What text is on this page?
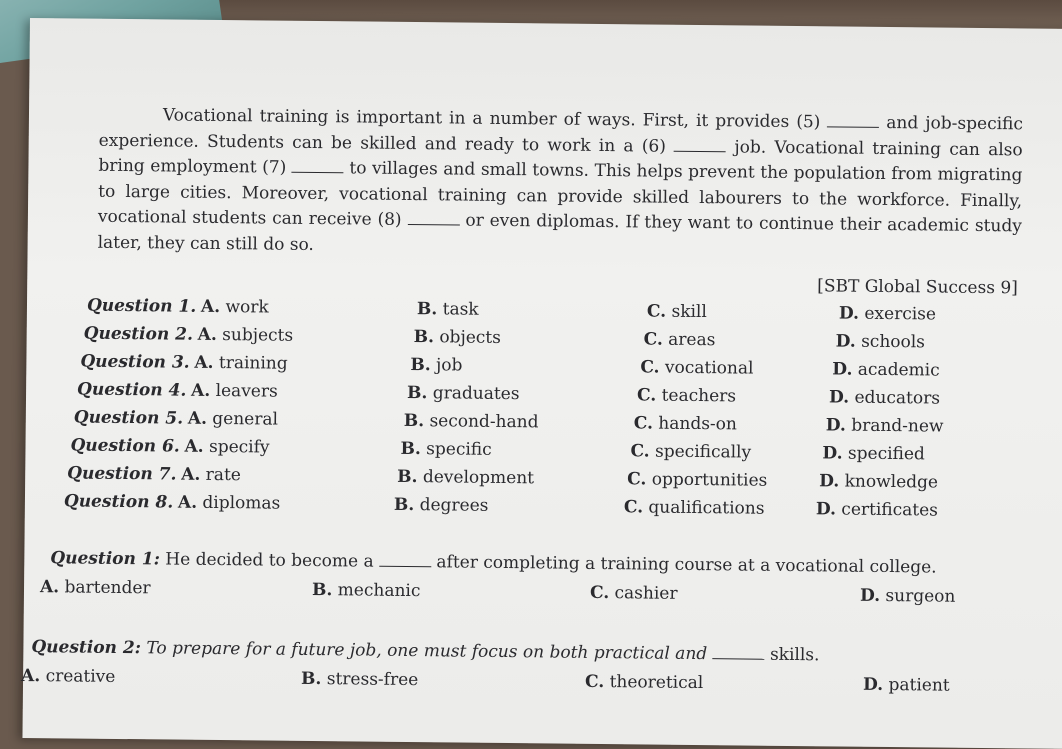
Vocational training is important in a number of ways. First, it provides (5)	and job-specific experience. Students can be skilled and ready to work in a (6)	job. Vocational training can also bring employment (7)	to villages and small towns. This helps prevent the population from migrating to large cities. Moreover, vocational training can provide skilled labourers to the workforce. Finally, vocational students can receive (8)	or even diplomas. If they want to continue their academic study later, they can still do so.

[SBT Global Success 9]
Question 1. A. work	B. task	C. skill	D. exercise
Question 2. A. subjects	B. objects	C. areas	D. schools
Question 3. A. training	B. job	C. vocational	D. academic
Question 4. A. leavers	B. graduates	C. teachers	D. educators
Question 5. A. general	B. second-hand	C. hands-on	D. brand-new
Question 6. A. specify	B. specific	C. specifically	D. specified
Question 7. A. rate	B. development	C. opportunities	D. knowledge
Question 8. A. diplomas	B. degrees	C. qualifications	D. certificates
Question 1: He decided to become a	after completing a training course at a vocational college.
A. bartender	B. mechanic	C. cashier	D. surgeon
Question 2: To prepare for a future job, one must focus on both practical and	skills.
A. creative	B. stress-free	C. theoretical	D. patient
